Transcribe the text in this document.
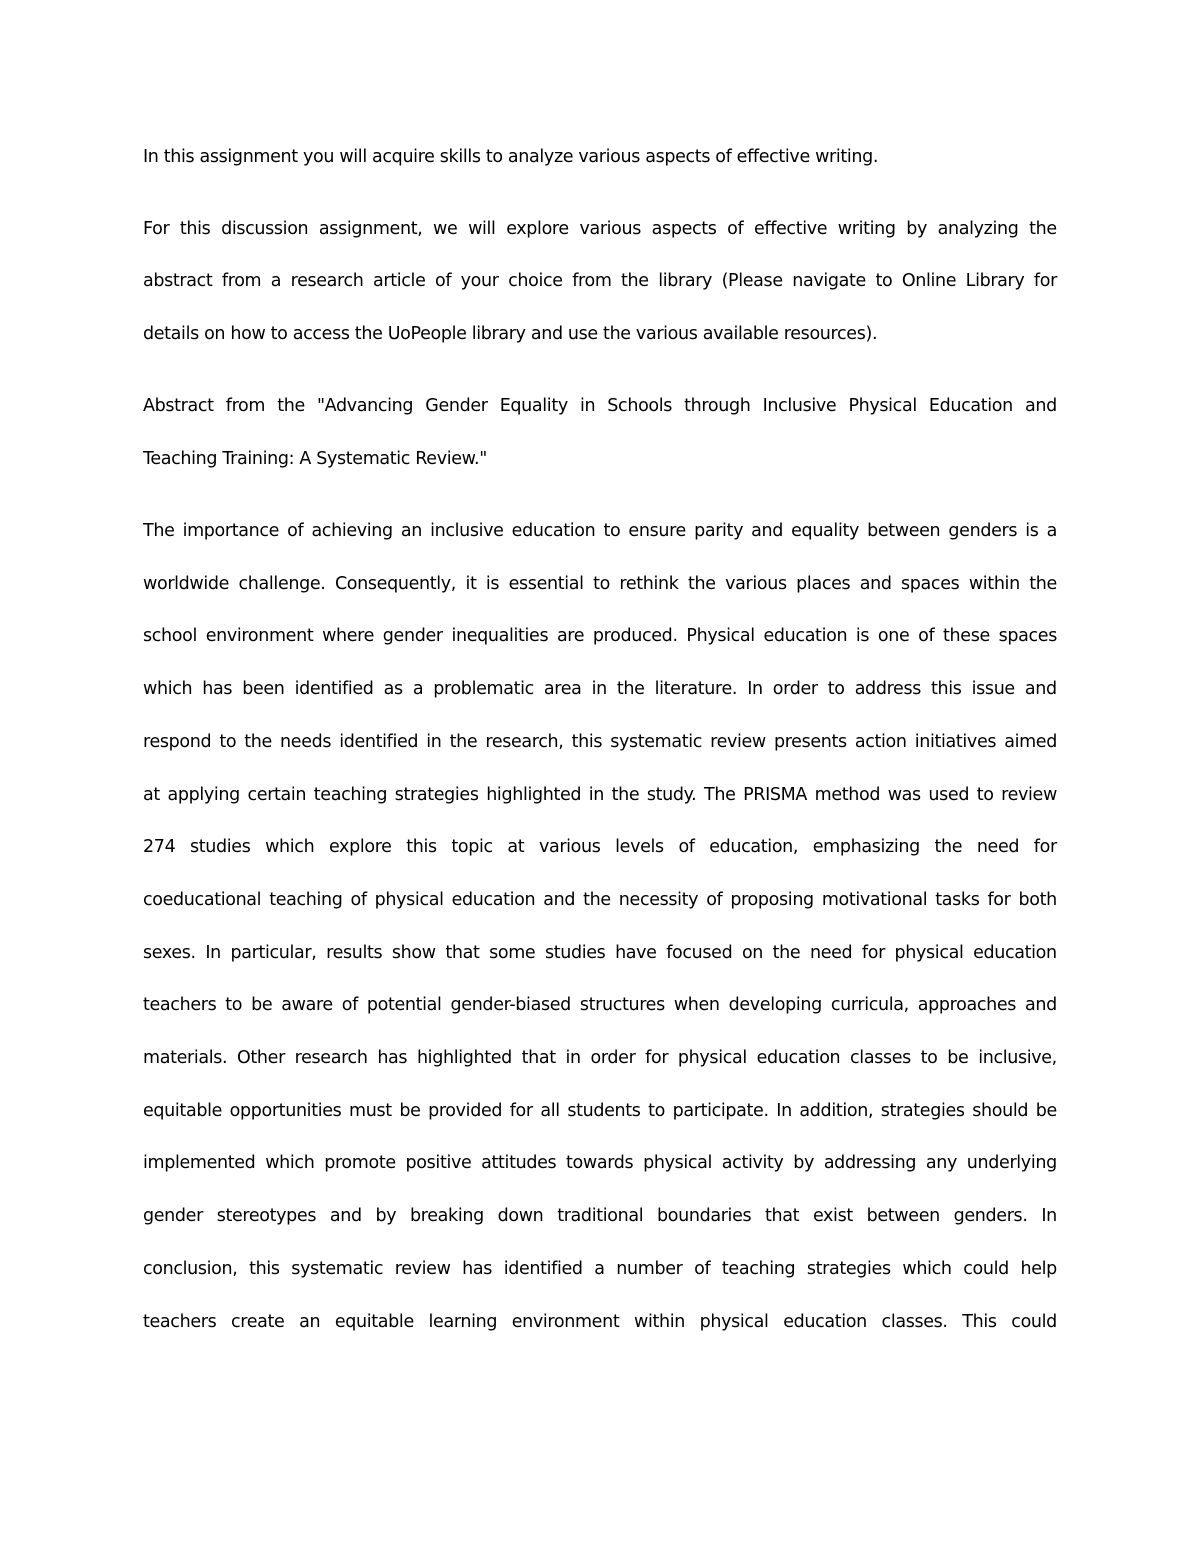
In this assignment you will acquire skills to analyze various aspects of effective writing.
For this discussion assignment, we will explore various aspects of effective writing by analyzing the
abstract from a research article of your choice from the library (Please navigate to Online Library for
details on how to access the UoPeople library and use the various available resources).
Abstract from the "Advancing Gender Equality in Schools through Inclusive Physical Education and
Teaching Training: A Systematic Review."
The importance of achieving an inclusive education to ensure parity and equality between genders is a
worldwide challenge. Consequently, it is essential to rethink the various places and spaces within the
school environment where gender inequalities are produced. Physical education is one of these spaces
which has been identified as a problematic area in the literature. In order to address this issue and
respond to the needs identified in the research, this systematic review presents action initiatives aimed
at applying certain teaching strategies highlighted in the study. The PRISMA method was used to review
274 studies which explore this topic at various levels of education, emphasizing the need for
coeducational teaching of physical education and the necessity of proposing motivational tasks for both
sexes. In particular, results show that some studies have focused on the need for physical education
teachers to be aware of potential gender-biased structures when developing curricula, approaches and
materials. Other research has highlighted that in order for physical education classes to be inclusive,
equitable opportunities must be provided for all students to participate. In addition, strategies should be
implemented which promote positive attitudes towards physical activity by addressing any underlying
gender stereotypes and by breaking down traditional boundaries that exist between genders. In
conclusion, this systematic review has identified a number of teaching strategies which could help
teachers create an equitable learning environment within physical education classes. This could
